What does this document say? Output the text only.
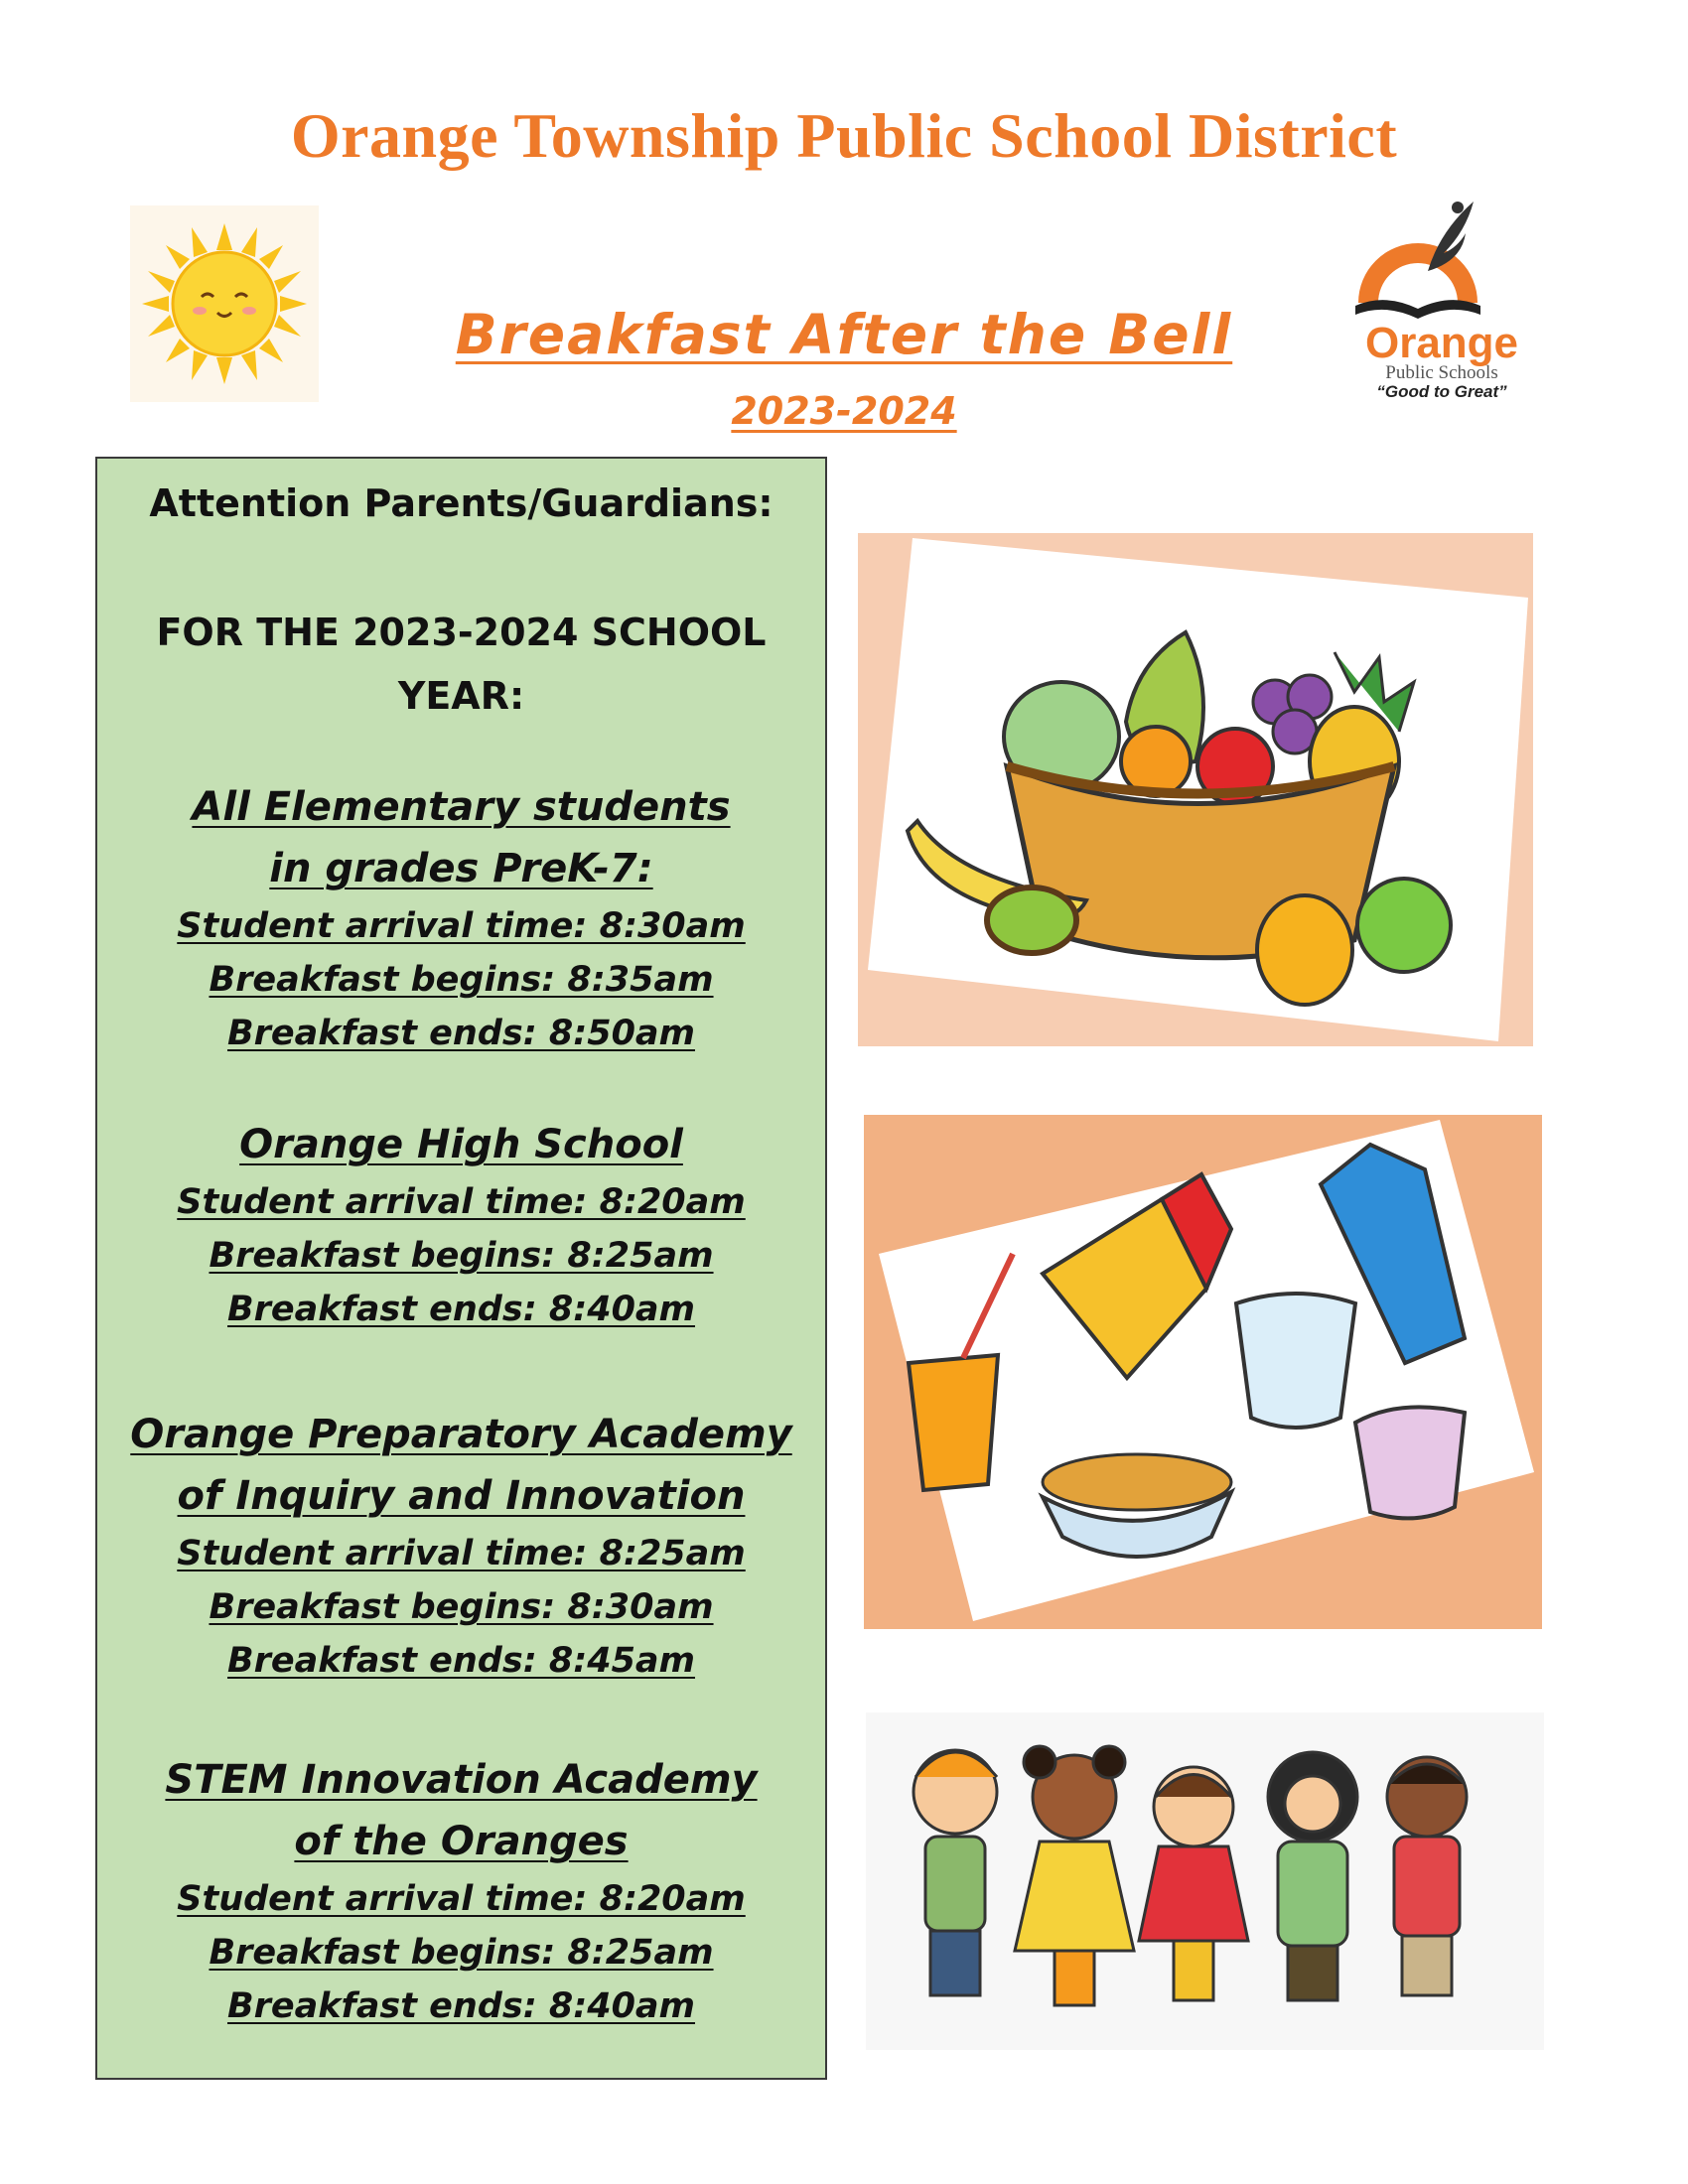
Orange Township Public School District
Orange
Public Schools
“Good to Great”
Breakfast After the Bell
2023-2024
Attention Parents/Guardians:
FOR THE 2023-2024 SCHOOL
YEAR:
All Elementary students
in grades PreK-7:
Student arrival time: 8:30am
Breakfast begins: 8:35am
Breakfast ends: 8:50am
Orange High School
Student arrival time: 8:20am
Breakfast begins: 8:25am
Breakfast ends: 8:40am
Orange Preparatory Academy
of Inquiry and Innovation
Student arrival time: 8:25am
Breakfast begins: 8:30am
Breakfast ends: 8:45am
STEM Innovation Academy
of the Oranges
Student arrival time: 8:20am
Breakfast begins: 8:25am
Breakfast ends: 8:40am
